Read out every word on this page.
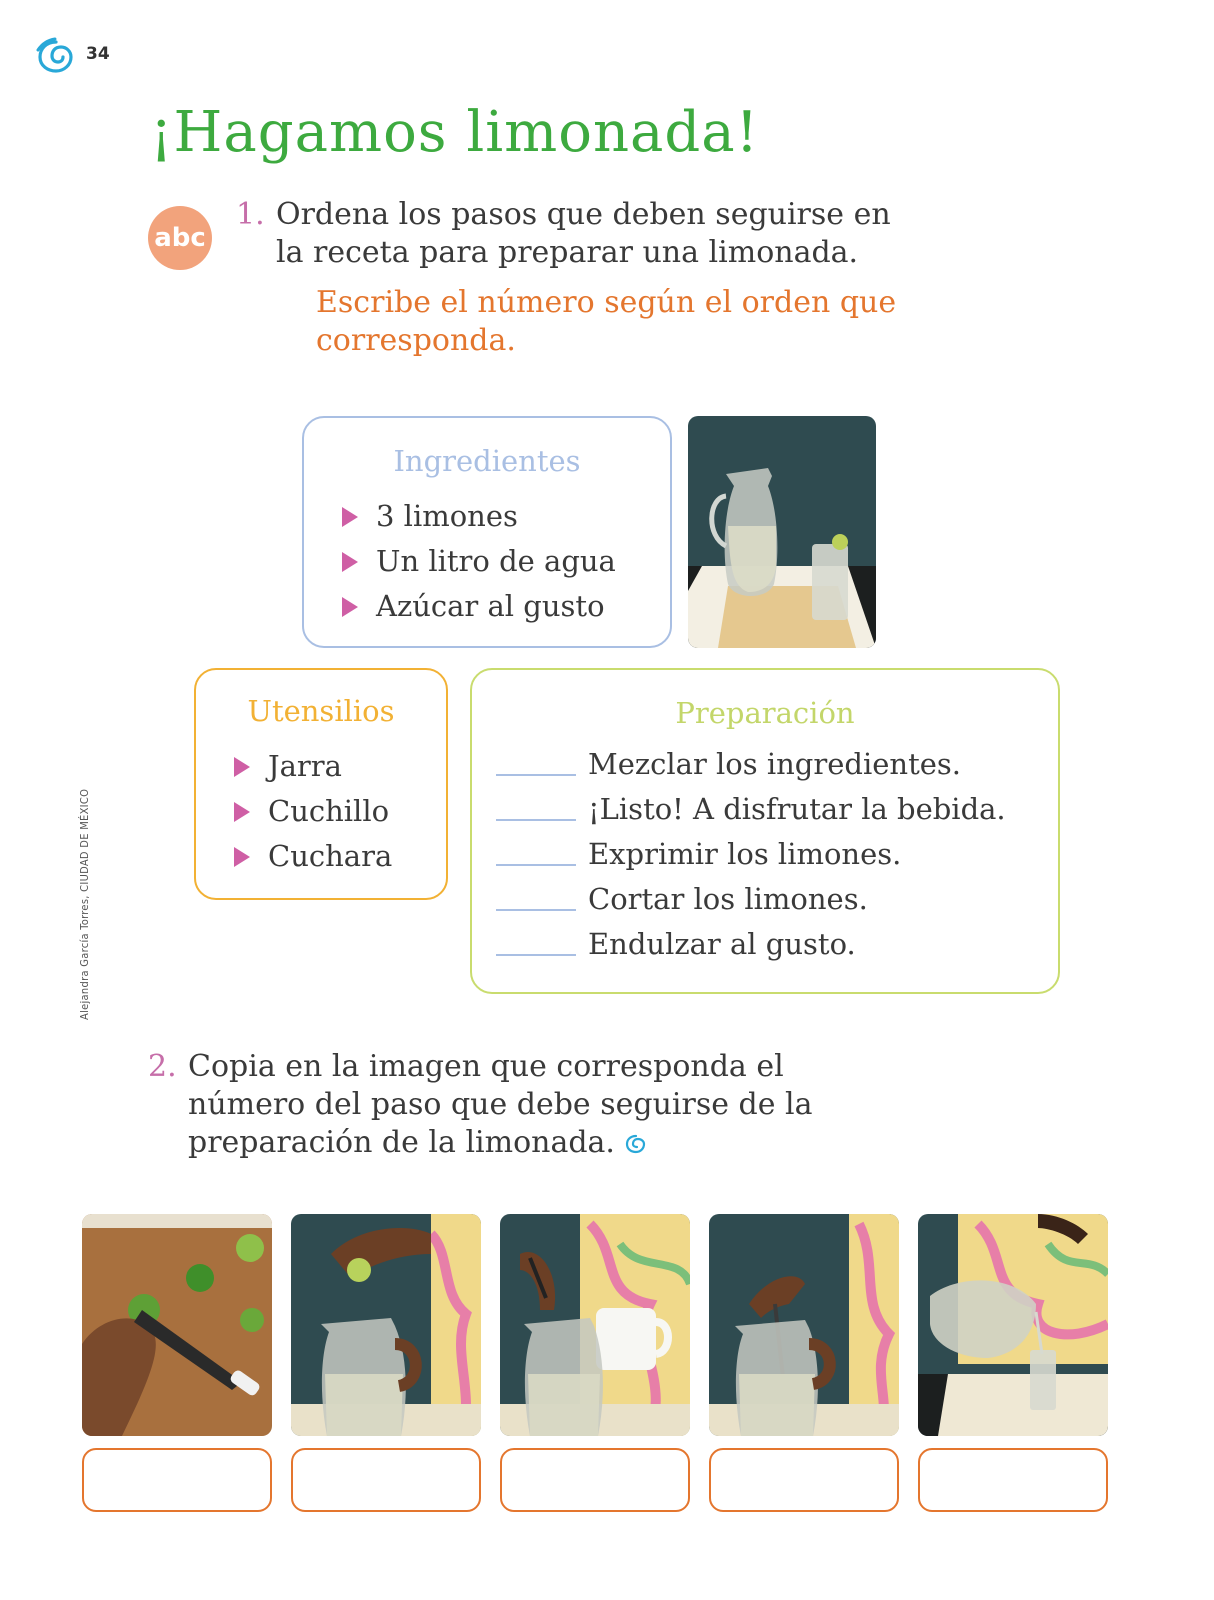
34
¡Hagamos limonada!
abc
1. Ordena los pasos que deben seguirse en la receta para preparar una limonada.
Escribe el número según el orden que corresponda.
Ingredientes
3 limones
Un litro de agua
Azúcar al gusto
Utensilios
Jarra
Cuchillo
Cuchara
Preparación
Mezclar los ingredientes.
¡Listo! A disfrutar la bebida.
Exprimir los limones.
Cortar los limones.
Endulzar al gusto.
Alejandra García Torres, CIUDAD DE MÉXICO
2. Copia en la imagen que corresponda el número del paso que debe seguirse de la preparación de la limonada.
